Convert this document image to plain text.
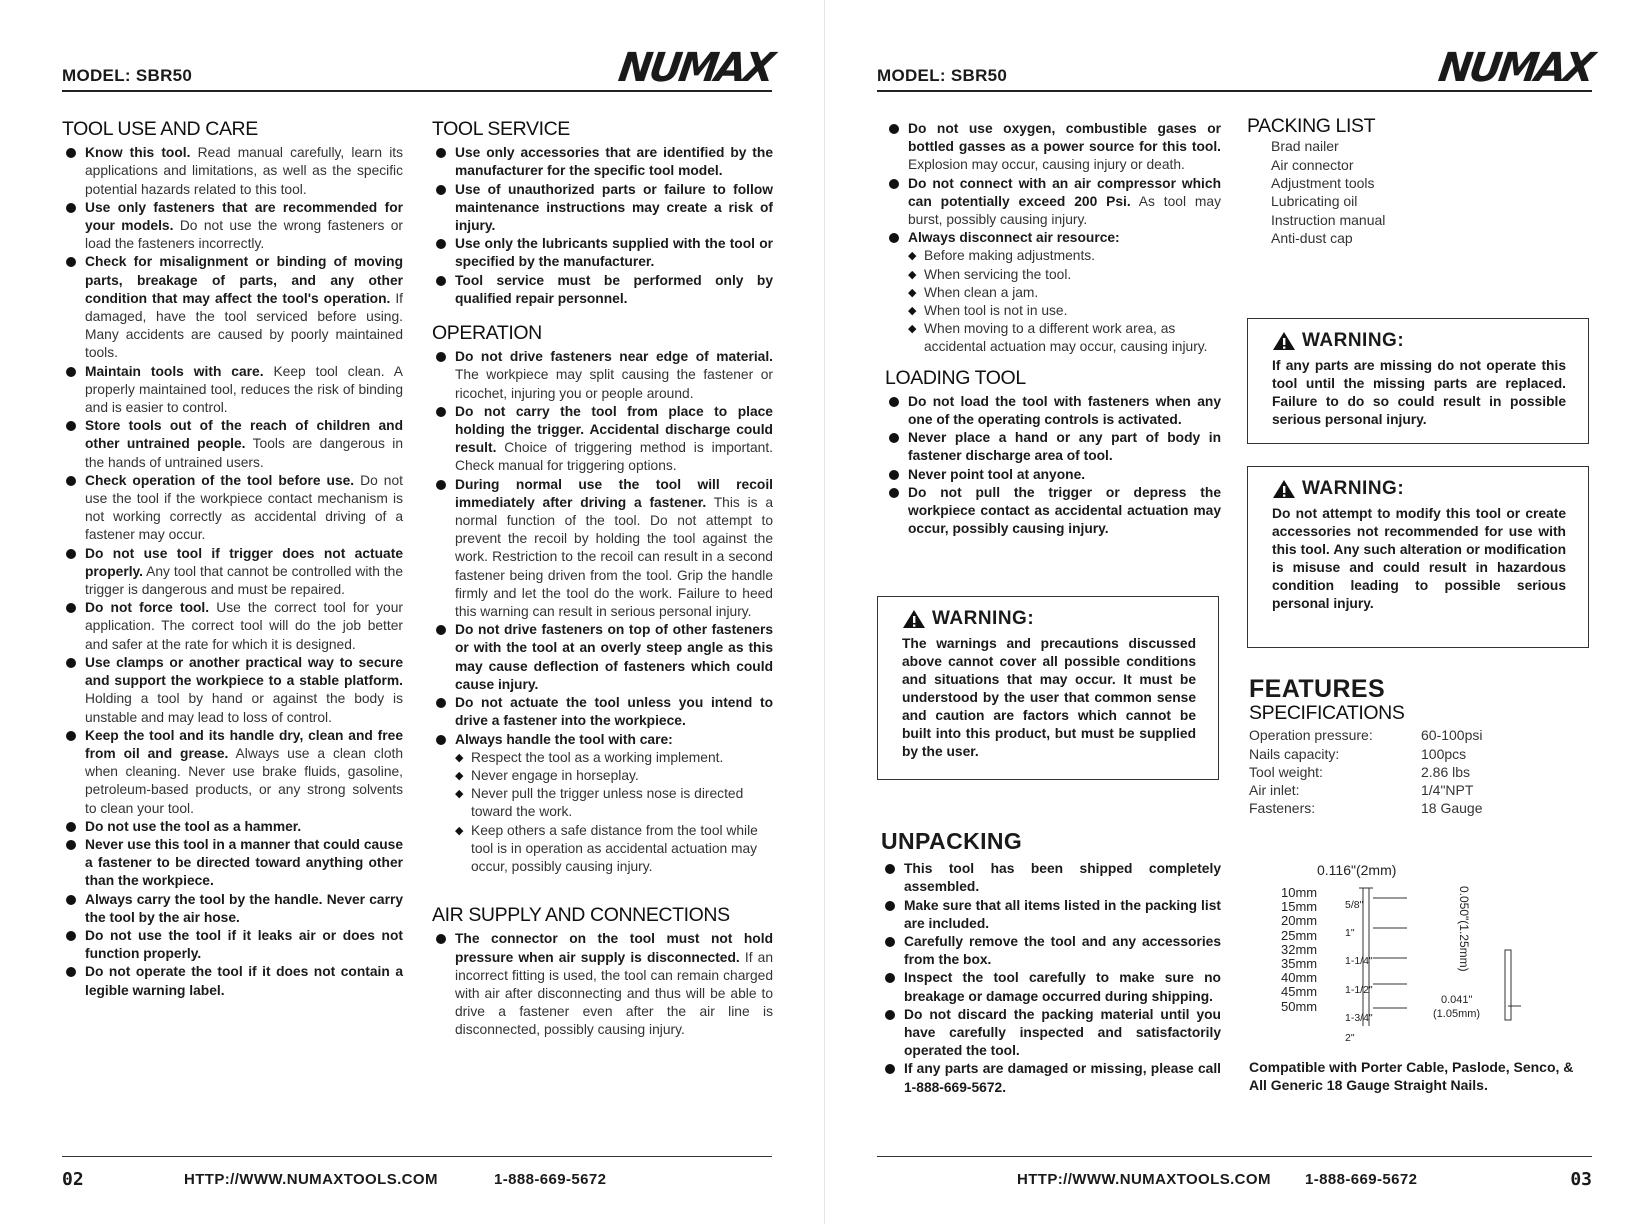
MODEL: SBR50	NUMAX
TOOL USE AND CARE
Know this tool. Read manual carefully, learn its applications and limitations, as well as the specific potential hazards related to this tool.
Use only fasteners that are recommended for your models. Do not use the wrong fasteners or load the fasteners incorrectly.
Check for misalignment or binding of moving parts, breakage of parts, and any other condition that may affect the tool's operation. If damaged, have the tool serviced before using. Many accidents are caused by poorly maintained tools.
Maintain tools with care. Keep tool clean. A properly maintained tool, reduces the risk of binding and is easier to control.
Store tools out of the reach of children and other untrained people. Tools are dangerous in the hands of untrained users.
Check operation of the tool before use. Do not use the tool if the workpiece contact mechanism is not working correctly as accidental driving of a fastener may occur.
Do not use tool if trigger does not actuate properly. Any tool that cannot be controlled with the trigger is dangerous and must be repaired.
Do not force tool. Use the correct tool for your application. The correct tool will do the job better and safer at the rate for which it is designed.
Use clamps or another practical way to secure and support the workpiece to a stable platform. Holding a tool by hand or against the body is unstable and may lead to loss of control.
Keep the tool and its handle dry, clean and free from oil and grease. Always use a clean cloth when cleaning. Never use brake fluids, gasoline, petroleum-based products, or any strong solvents to clean your tool.
Do not use the tool as a hammer.
Never use this tool in a manner that could cause a fastener to be directed toward anything other than the workpiece.
Always carry the tool by the handle. Never carry the tool by the air hose.
Do not use the tool if it leaks air or does not function properly.
Do not operate the tool if it does not contain a legible warning label.
TOOL SERVICE
Use only accessories that are identified by the manufacturer for the specific tool model.
Use of unauthorized parts or failure to follow maintenance instructions may create a risk of injury.
Use only the lubricants supplied with the tool or specified by the manufacturer.
Tool service must be performed only by qualified repair personnel.
OPERATION
Do not drive fasteners near edge of material. The workpiece may split causing the fastener or ricochet, injuring you or people around.
Do not carry the tool from place to place holding the trigger. Accidental discharge could result. Choice of triggering method is important. Check manual for triggering options.
During normal use the tool will recoil immediately after driving a fastener. This is a normal function of the tool. Do not attempt to prevent the recoil by holding the tool against the work. Restriction to the recoil can result in a second fastener being driven from the tool. Grip the handle firmly and let the tool do the work. Failure to heed this warning can result in serious personal injury.
Do not drive fasteners on top of other fasteners or with the tool at an overly steep angle as this may cause deflection of fasteners which could cause injury.
Do not actuate the tool unless you intend to drive a fastener into the workpiece.
Always handle the tool with care:
◆ Respect the tool as a working implement.
◆ Never engage in horseplay.
◆ Never pull the trigger unless nose is directed toward the work.
◆ Keep others a safe distance from the tool while tool is in operation as accidental actuation may occur, possibly causing injury.
AIR SUPPLY AND CONNECTIONS
The connector on the tool must not hold pressure when air supply is disconnected. If an incorrect fitting is used, the tool can remain charged with air after disconnecting and thus will be able to drive a fastener even after the air line is disconnected, possibly causing injury.
02	HTTP://WWW.NUMAXTOOLS.COM	1-888-669-5672
MODEL: SBR50	NUMAX
Do not use oxygen, combustible gases or bottled gasses as a power source for this tool. Explosion may occur, causing injury or death.
Do not connect with an air compressor which can potentially exceed 200 Psi. As tool may burst, possibly causing injury.
Always disconnect air resource:
◆ Before making adjustments.
◆ When servicing the tool.
◆ When clean a jam.
◆ When tool is not in use.
◆ When moving to a different work area, as accidental actuation may occur, causing injury.
LOADING TOOL
Do not load the tool with fasteners when any one of the operating controls is activated.
Never place a hand or any part of body in fastener discharge area of tool.
Never point tool at anyone.
Do not pull the trigger or depress the workpiece contact as accidental actuation may occur, possibly causing injury.
WARNING:
The warnings and precautions discussed above cannot cover all possible conditions and situations that may occur. It must be understood by the user that common sense and caution are factors which cannot be built into this product, but must be supplied by the user.
UNPACKING
This tool has been shipped completely assembled.
Make sure that all items listed in the packing list are included.
Carefully remove the tool and any accessories from the box.
Inspect the tool carefully to make sure no breakage or damage occurred during shipping.
Do not discard the packing material until you have carefully inspected and satisfactorily operated the tool.
If any parts are damaged or missing, please call 1-888-669-5672.
PACKING LIST
Brad nailer
Air connector
Adjustment tools
Lubricating oil
Instruction manual
Anti-dust cap
WARNING:
If any parts are missing do not operate this tool until the missing parts are replaced. Failure to do so could result in possible serious personal injury.
WARNING:
Do not attempt to modify this tool or create accessories not recommended for use with this tool. Any such alteration or modification is misuse and could result in hazardous condition leading to possible serious personal injury.
FEATURES
SPECIFICATIONS
Operation pressure:	60-100psi
Nails capacity:	100pcs
Tool weight:	2.86 lbs
Air inlet:	1/4"NPT
Fasteners:	18 Gauge
0.116"(2mm)
10mm
15mm
20mm
25mm
32mm
35mm
40mm
45mm
50mm
5/8"
1"
1-1/4"
1-1/2"
1-3/4"
2"
0.050"(1.25mm)
0.041"
(1.05mm)
Compatible with Porter Cable, Paslode, Senco, & All Generic 18 Gauge Straight Nails.
HTTP://WWW.NUMAXTOOLS.COM 1-888-669-5672	03
